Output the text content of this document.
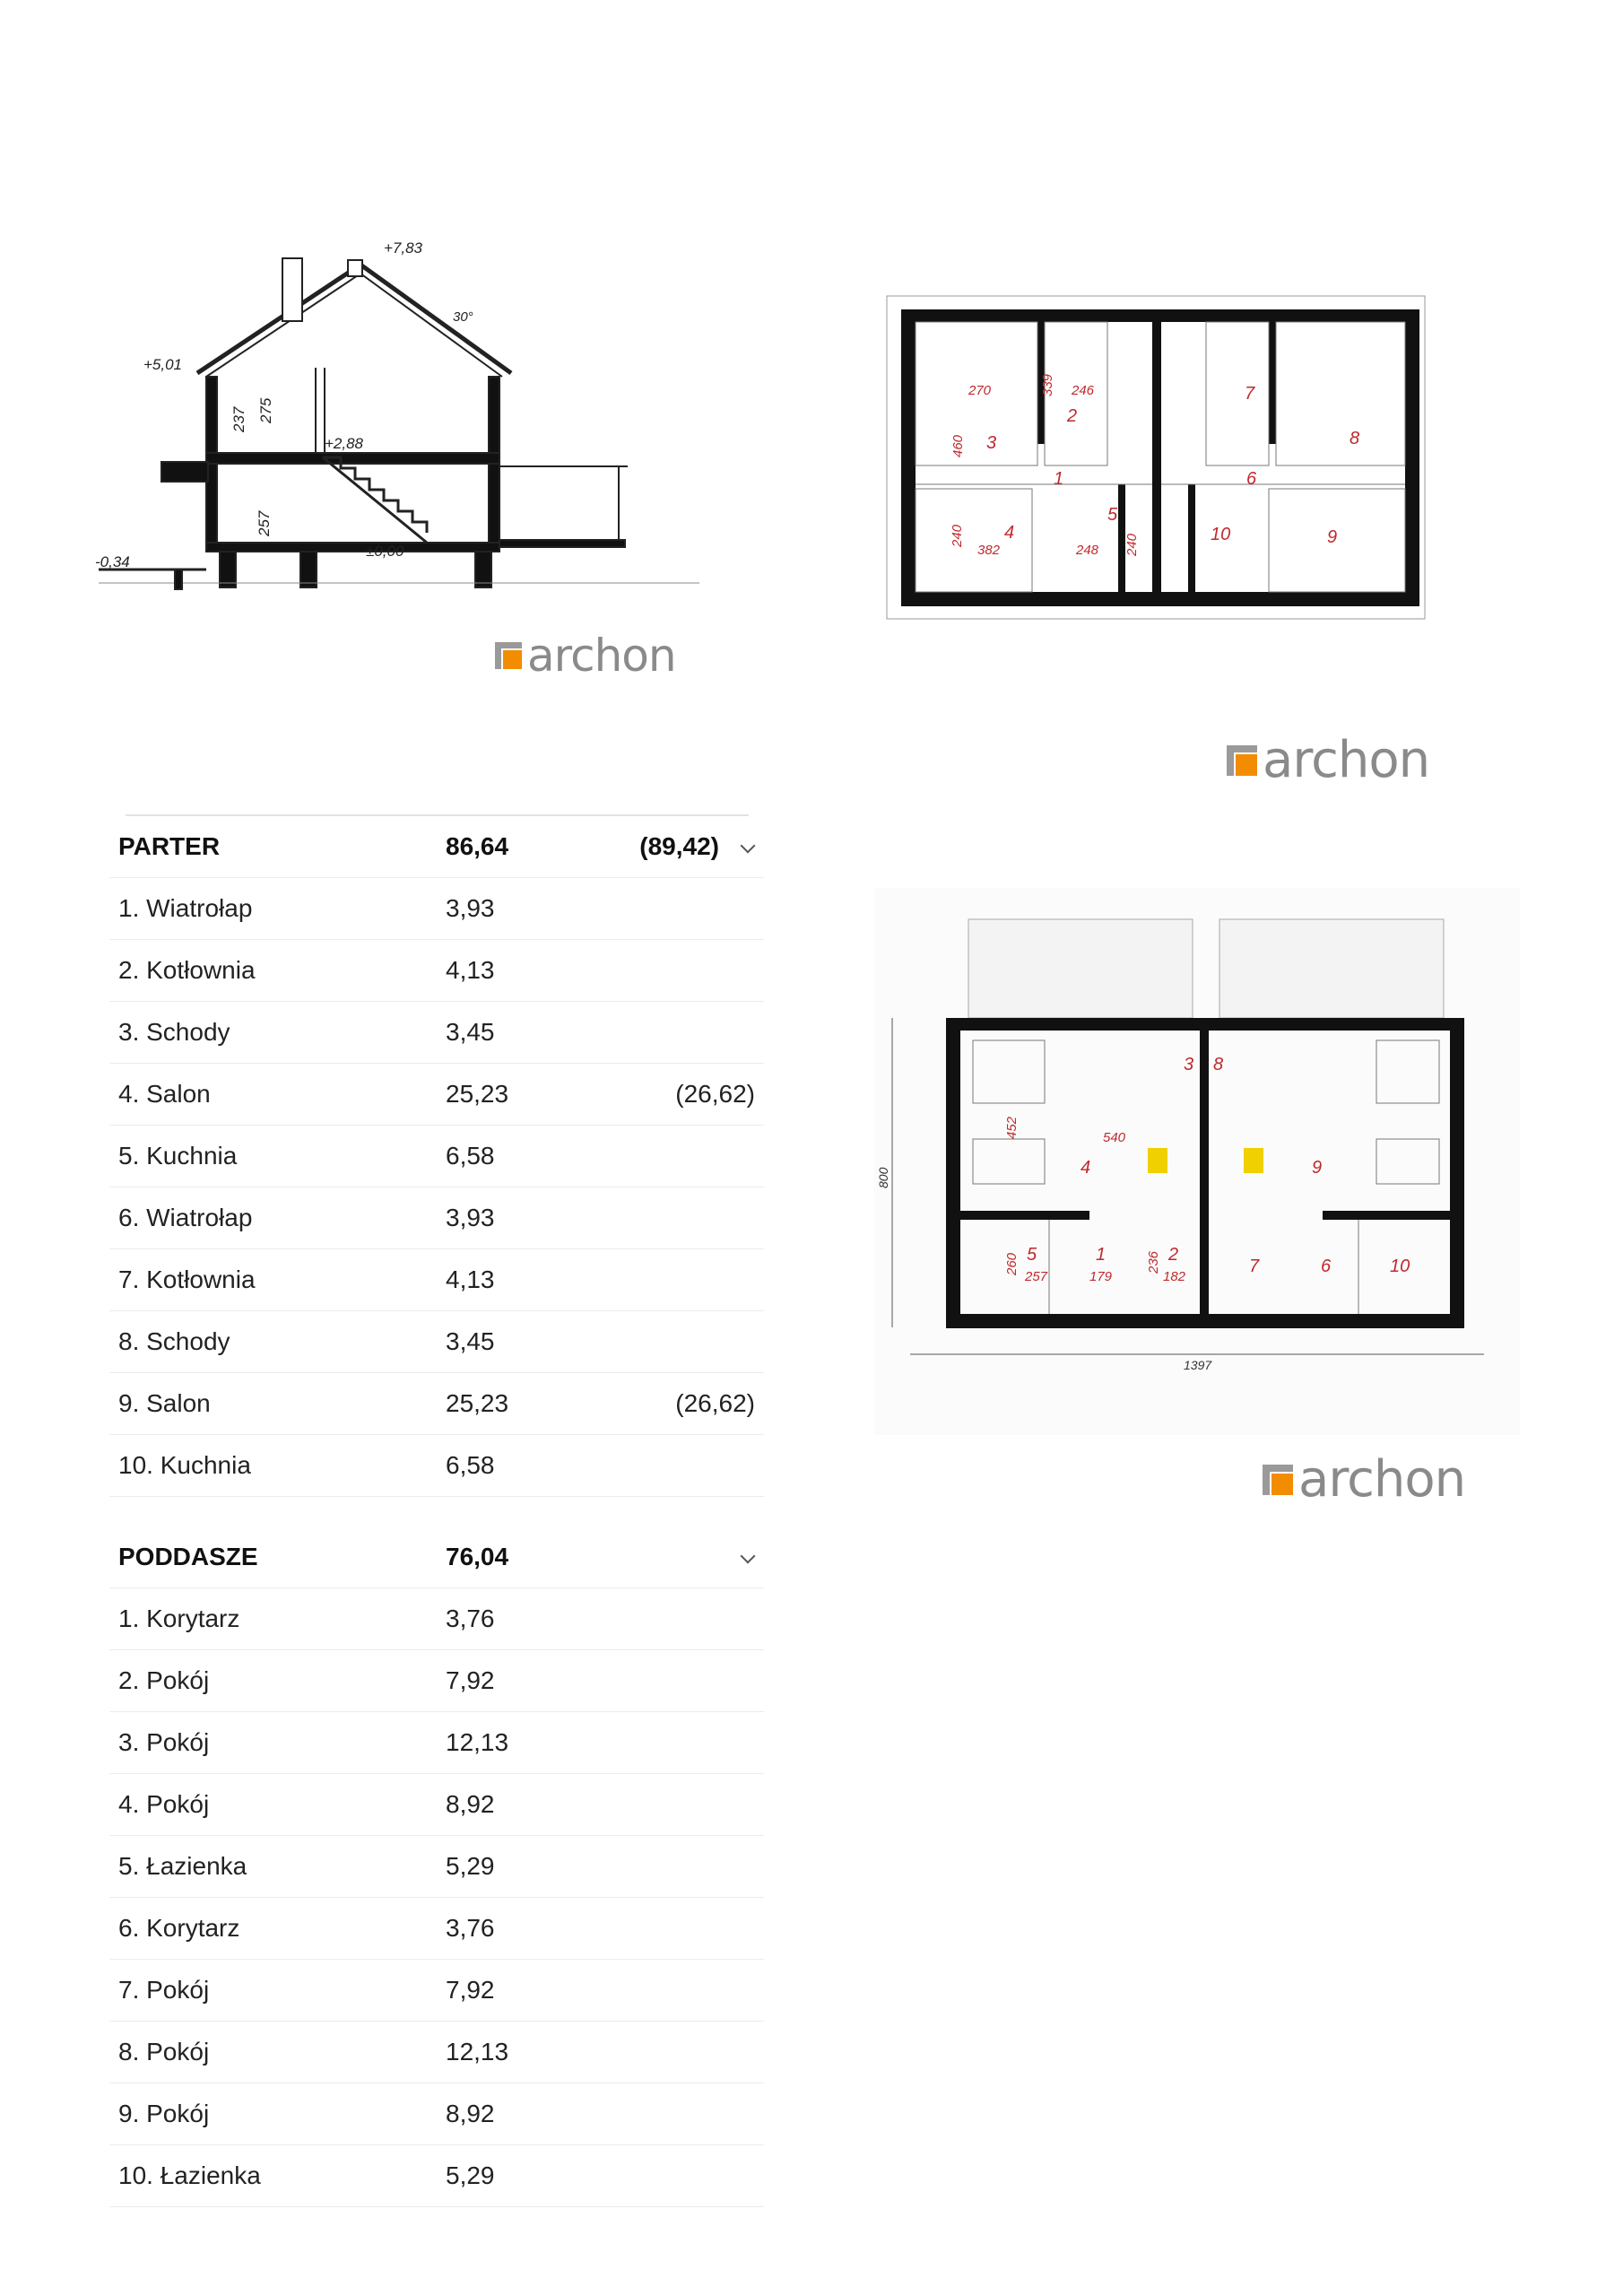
+7,83
30°
+5,01
+2,88
±0,00
-0,34
237 275
257
archon
1
2
3
4
5
6
7
8
9
10
270	339 246
460
240
382	248 240
archon
1	2
3
4
5
6
7
8
9
10
452	540
260
257	179
236
182
1397
800
archon
PARTER	86,64	(89,42)
1. Wiatrołap	3,93
2. Kotłownia	4,13
3. Schody	3,45
4. Salon	25,23	(26,62)
5. Kuchnia	6,58
6. Wiatrołap	3,93
7. Kotłownia	4,13
8. Schody	3,45
9. Salon	25,23	(26,62)
10. Kuchnia	6,58
PODDASZE	76,04
1. Korytarz	3,76
2. Pokój	7,92
3. Pokój	12,13
4. Pokój	8,92
5. Łazienka	5,29
6. Korytarz	3,76
7. Pokój	7,92
8. Pokój	12,13
9. Pokój	8,92
10. Łazienka	5,29
